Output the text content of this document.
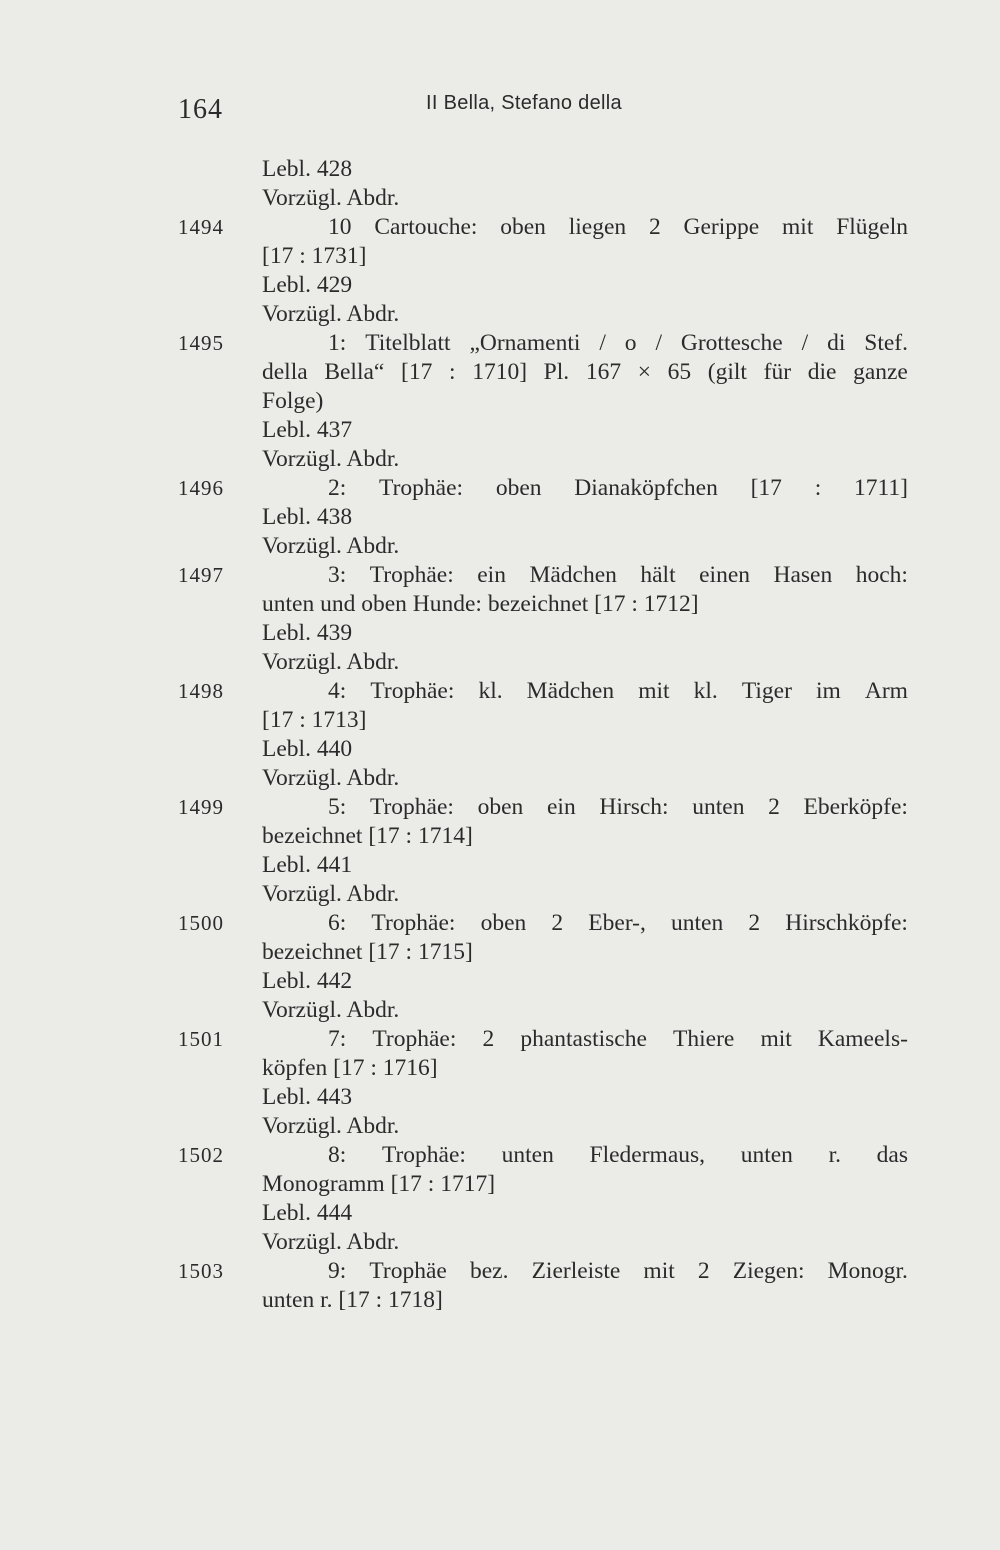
164	II Bella, Stefano della
Lebl. 428
Vorzügl. Abdr.
1494	10 Cartouche: oben liegen 2 Gerippe mit Flügeln
[17 : 1731]
Lebl. 429
Vorzügl. Abdr.
1495	1: Titelblatt „Ornamenti / o / Grottesche / di Stef.
della Bella“ [17 : 1710] Pl. 167 × 65 (gilt für die ganze
Folge)
Lebl. 437
Vorzügl. Abdr.
1496	2: Trophäe: oben Dianaköpfchen [17 : 1711]
Lebl. 438
Vorzügl. Abdr.
1497	3: Trophäe: ein Mädchen hält einen Hasen hoch:
unten und oben Hunde: bezeichnet [17 : 1712]
Lebl. 439
Vorzügl. Abdr.
1498	4: Trophäe: kl. Mädchen mit kl. Tiger im Arm
[17 : 1713]
Lebl. 440
Vorzügl. Abdr.
1499	5: Trophäe: oben ein Hirsch: unten 2 Eberköpfe:
bezeichnet [17 : 1714]
Lebl. 441
Vorzügl. Abdr.
1500	6: Trophäe: oben 2 Eber-, unten 2 Hirschköpfe:
bezeichnet [17 : 1715]
Lebl. 442
Vorzügl. Abdr.
1501	7: Trophäe: 2 phantastische Thiere mit Kameels-
köpfen [17 : 1716]
Lebl. 443
Vorzügl. Abdr.
1502	8: Trophäe: unten Fledermaus, unten r. das
Monogramm [17 : 1717]
Lebl. 444
Vorzügl. Abdr.
1503	9: Trophäe bez. Zierleiste mit 2 Ziegen: Monogr.
unten r. [17 : 1718]
